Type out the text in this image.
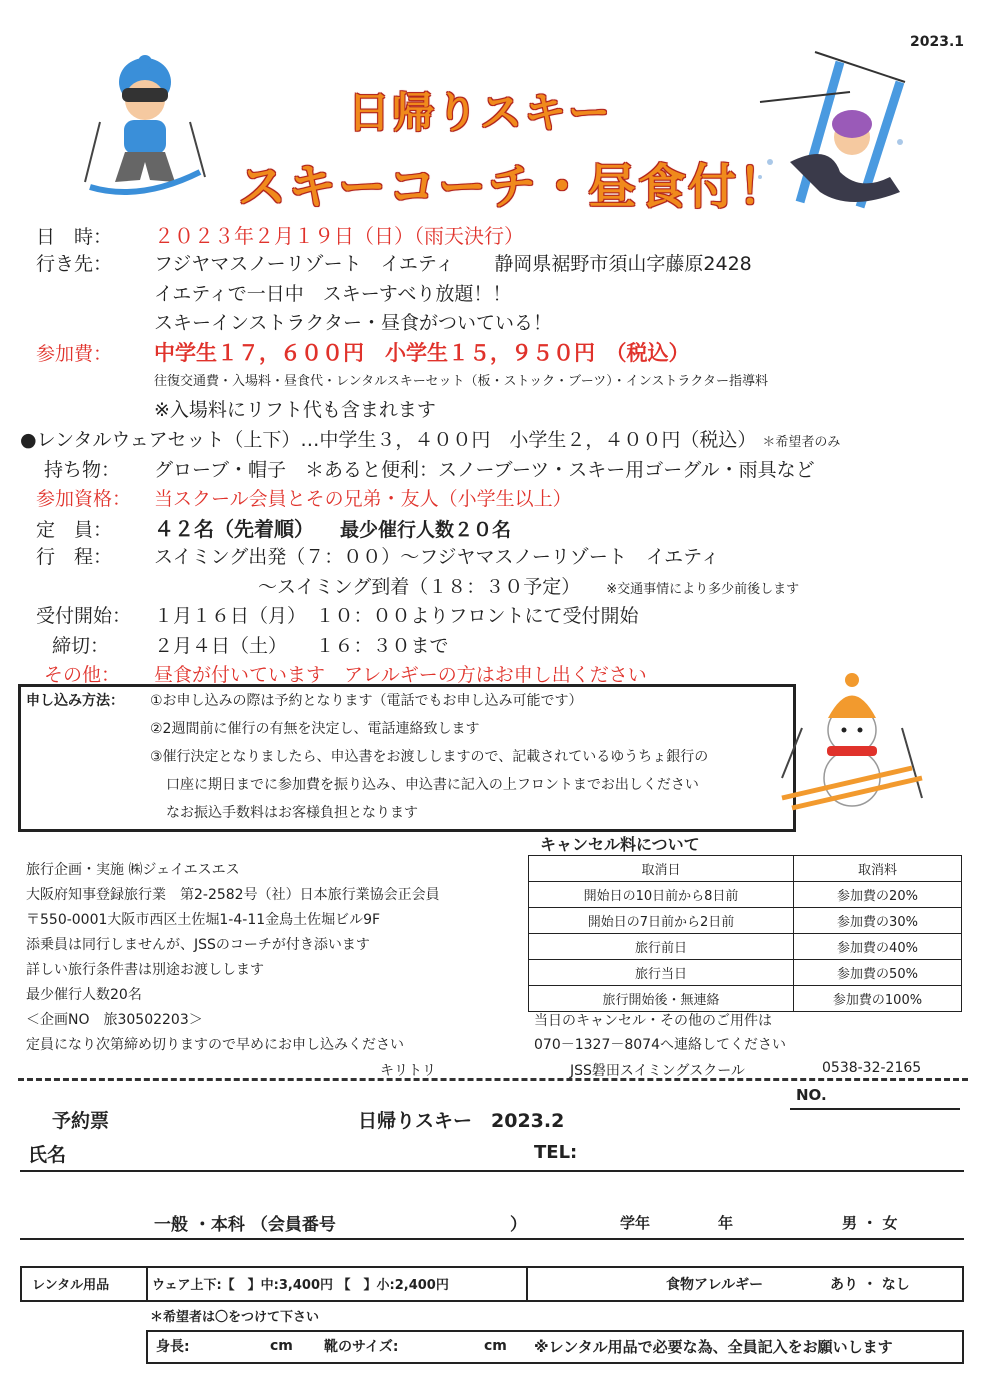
2023.1
日帰りスキー
スキーコーチ・昼食付！
日　時： ２０２３年２月１９日（日）（雨天決行）
行き先： フジヤマスノーリゾート　イエティ 静岡県裾野市須山字藤原2428
イエティで一日中　スキーすべり放題！！
スキーインストラクター・昼食がついている！
参加費： 中学生１７，６００円　小学生１５，９５０円　（税込）
往復交通費・入場料・昼食代・レンタルスキーセット（板・ストック・ブーツ）・インストラクター指導料
※入場料にリフト代も含まれます
●レンタルウェアセット（上下）…中学生３，４００円　小学生２，４００円（税込） ＊希望者のみ
持ち物： グローブ・帽子　＊あると便利：スノーブーツ・スキー用ゴーグル・雨具など
参加資格： 当スクール会員とその兄弟・友人（小学生以上）
定　員： ４２名（先着順） 最少催行人数２０名
行　程： スイミング出発（７：００）～フジヤマスノーリゾート　イエティ
～スイミング到着（１８：３０予定） ※交通事情により多少前後します
受付開始： １月１６日（月）　１０：００よりフロントにて受付開始
締切： ２月４日（土）　　１６：３０まで
その他： 昼食が付いています　アレルギーの方はお申し出ください
申し込み方法： ①お申し込みの際は予約となります（電話でもお申し込み可能です）
②2週間前に催行の有無を決定し、電話連絡致します
③催行決定となりましたら、申込書をお渡ししますので、記載されているゆうちょ銀行の
口座に期日までに参加費を振り込み、申込書に記入の上フロントまでお出しください
なお振込手数料はお客様負担となります
旅行企画・実施 ㈱ジェイエスエス
大阪府知事登録旅行業　第2-2582号（社）日本旅行業協会正会員
〒550-0001大阪市西区土佐堀1-4-11金鳥土佐堀ビル9F
添乗員は同行しませんが、JSSのコーチが付き添います
詳しい旅行条件書は別途お渡しします
最少催行人数20名
＜企画NO　旅30502203＞
定員になり次第締め切りますので早めにお申し込みください
キャンセル料について
取消日	取消料
開始日の10日前から8日前	参加費の20%
開始日の7日前から2日前	参加費の30%
旅行前日	参加費の40%
旅行当日	参加費の50%
旅行開始後・無連絡	参加費の100%
当日のキャンセル・その他のご用件は
070－1327－8074へ連絡してください
キリトリ	JSS磐田スイミングスクール	0538-32-2165
NO.
予約票	日帰りスキー　2023.2
氏名	TEL:
一般 ・本科 （会員番号	）	学年	年	男 ・ 女
レンタル用品	ウェア上下:【　】中:3,400円 【　】小:2,400円	食物アレルギー	あり ・ なし
＊希望者は〇をつけて下さい
身長:	cm 靴のサイズ:	cm ※レンタル用品で必要な為、全員記入をお願いします
